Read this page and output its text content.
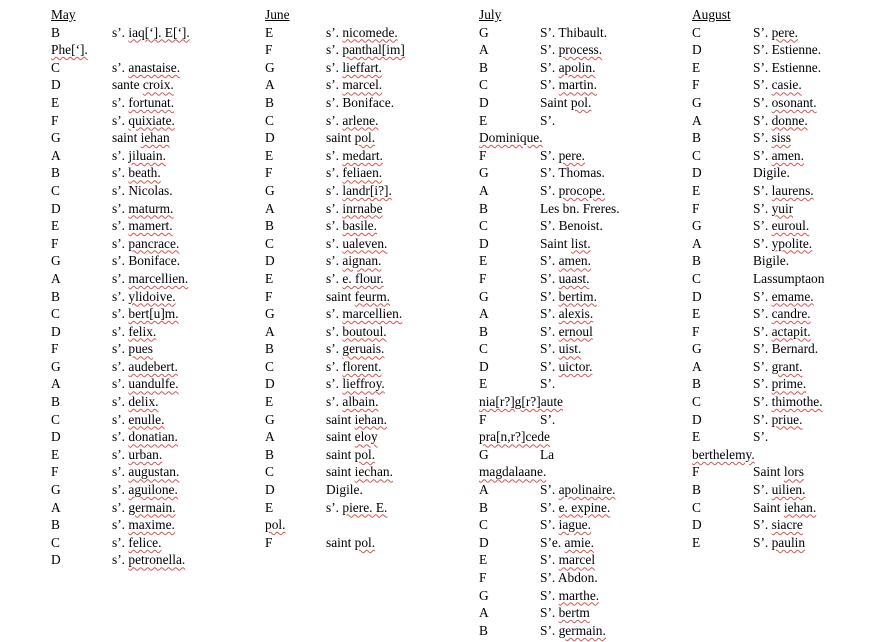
May
B	s’. iaq[‘]. E[‘].
Phe[‘].
C	s’. anastaise.
D	sante croix.
E	s’. fortunat.
F	s’. quixiate.
G	saint iehan
A	s’. jiluain.
B	s’. beath.
C	s’. Nicolas.
D	s’. maturm.
E	s’. mamert.
F	s’. pancrace.
G	s’. Boniface.
A	s’. marcellien.
B	s’. ylidoive.
C	s’. bert[u]m.
D	s’. felix.
F	s’. pues
G	s’. audebert.
A	s’. uandulfe.
B	s’. delix.
C	s’. enulle.
D	s’. donatian.
E	s’. urban.
F	s’. augustan.
G	s’. aguilone.
A	s’. germain.
B	s’. maxime.
C	s’. felice.
D	s’. petronella.
June
E	s’. nicomede.
F	s’. panthal[im]
G	s’. lieffart.
A	s’. marcel.
B	s’. Boniface.
C	s’. arlene.
D	saint pol.
E	s’. medart.
F	s’. feliaen.
G	s’. landr[i?].
A	s’. inrnabe
B	s’. basile.
C	s’. ualeven.
D	s’. aignan.
E	s’. e. flour.
F	saint feurm.
G	s’. marcellien.
A	s’. boutoul.
B	s’. geruais.
C	s’. florent.
D	s’. lieffroy.
E	s’. albain.
G	saint iehan.
A	saint eloy
B	saint pol.
C	saint iechan.
D	Digile.
E	s’. piere. E.
pol.
F	saint pol.
July
G	S’. Thibault.
A	S’. process.
B	S’. apolin.
C	S’. martin.
D	Saint pol.
E	S’.
Dominique.
F	S’. pere.
G	S’. Thomas.
A	S’. procope.
B	Les bn. Freres.
C	S’. Benoist.
D	Saint list.
E	S’. amen.
F	S’. uaast.
G	S’. bertim.
A	S’. alexis.
B	S’. ernoul
C	S’. uist.
D	S’. uictor.
E	S’.
nia[r?]g[r?]aute
F	S’.
pra[n,r?]cede
G	La
magdalaane.
A	S’. apolinaire.
B	S’. e. expine.
C	S’. iague.
D	S’e. amie.
E	S’. marcel
F	S’. Abdon.
G	S’. marthe.
A	S’. bertm
B	S’. germain.
August
C	S’. pere.
D	S’. Estienne.
E	S’. Estienne.
F	S’. casie.
G	S’. osonant.
A	S’. donne.
B	S’. siss
C	S’. amen.
D	Digile.
E	S’. laurens.
F	S’. yuir
G	S’. euroul.
A	S’. ypolite.
B	Bigile.
C	Lassumptaon
D	S’. emame.
E	S’. candre.
F	S’. actapit.
G	S’. Bernard.
A	S’. grant.
B	S’. prime.
C	S’. thimothe.
D	S’. priue.
E	S’.
berthelemy.
F	Saint lors
B	S’. uilien.
C	Saint iehan.
D	S’. siacre
E	S’. paulin
